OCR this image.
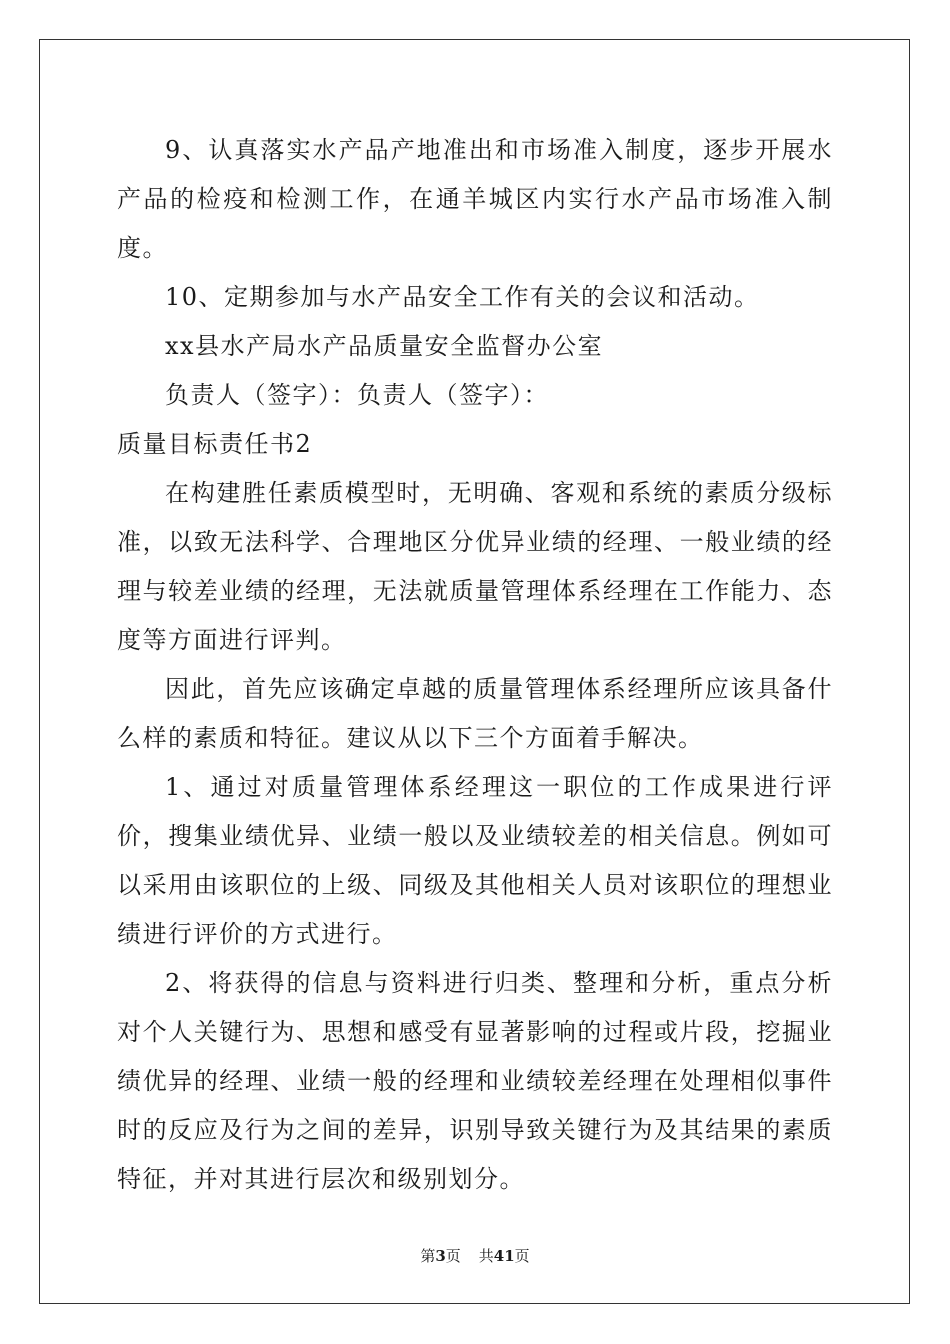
9、认真落实水产品产地准出和市场准入制度，逐步开展水产品的检疫和检测工作，在通羊城区内实行水产品市场准入制度。

10、定期参加与水产品安全工作有关的会议和活动。

xx县水产局水产品质量安全监督办公室

负责人（签字）：负责人（签字）：

质量目标责任书2

在构建胜任素质模型时，无明确、客观和系统的素质分级标准，以致无法科学、合理地区分优异业绩的经理、一般业绩的经理与较差业绩的经理，无法就质量管理体系经理在工作能力、态度等方面进行评判。

因此，首先应该确定卓越的质量管理体系经理所应该具备什么样的素质和特征。建议从以下三个方面着手解决。

1、通过对质量管理体系经理这一职位的工作成果进行评价，搜集业绩优异、业绩一般以及业绩较差的相关信息。例如可以采用由该职位的上级、同级及其他相关人员对该职位的理想业绩进行评价的方式进行。

2、将获得的信息与资料进行归类、整理和分析，重点分析对个人关键行为、思想和感受有显著影响的过程或片段，挖掘业绩优异的经理、业绩一般的经理和业绩较差经理在处理相似事件时的反应及行为之间的差异，识别导致关键行为及其结果的素质特征，并对其进行层次和级别划分。

第3页 共41页
